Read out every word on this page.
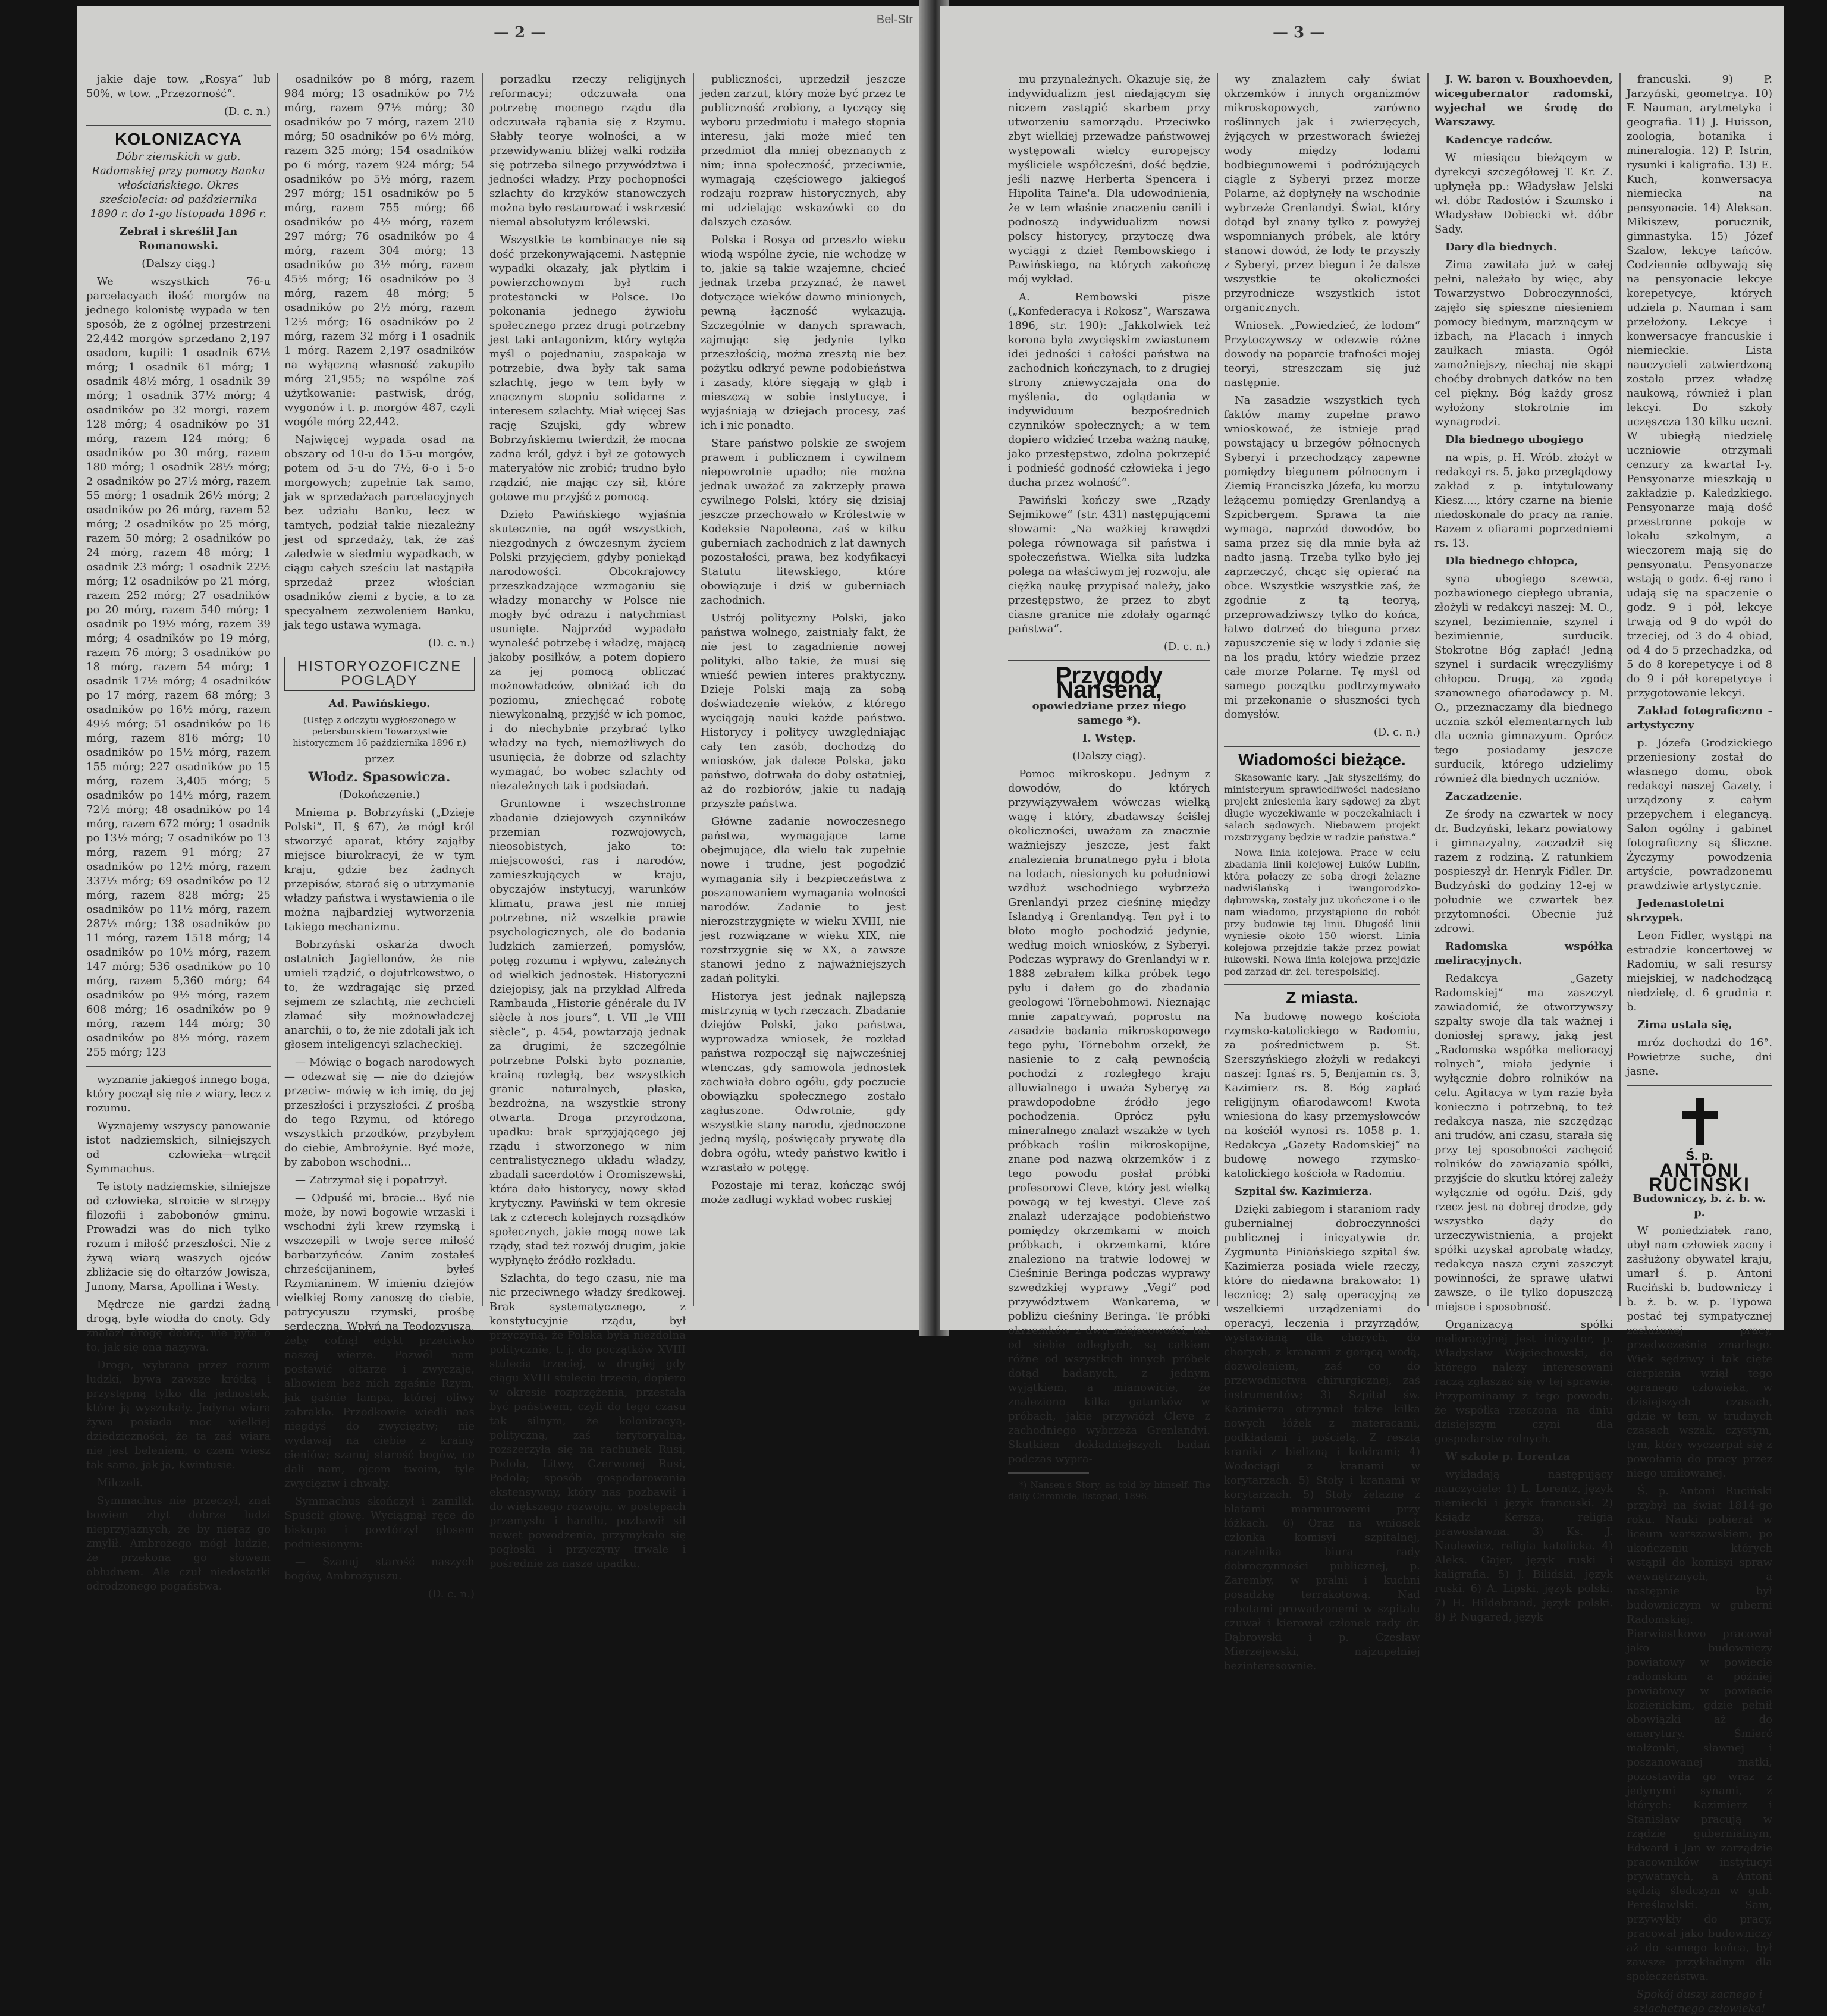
— 2 —
Bel-Str

jakie daje tow. „Rosya“ lub 50%, w tow. „Przezorność“.

(D. c. n.)

KOLONIZACYA

Dóbr ziemskich w gub. Radomskiej przy pomocy Banku włościańskiego. Okres sześciolecia: od października 1890 r. do 1-go listopada 1896 r.

Zebrał i skreślił Jan Romanowski.

(Dalszy ciąg.)

We wszystkich 76-u parcelacyach ilość morgów na jednego kolonistę wypada w ten sposób, że z ogólnej przestrzeni 22,442 morgów sprzedano 2,197 osadom, kupili: 1 osadnik 67½ mórg; 1 osadnik 61 mórg; 1 osadnik 48½ mórg, 1 osadnik 39 mórg; 1 osadnik 37½ mórg; 4 osadników po 32 morgi, razem 128 mórg; 4 osadników po 31 mórg, razem 124 mórg; 6 osadników po 30 mórg, razem 180 mórg; 1 osadnik 28½ mórg; 2 osadników po 27½ mórg, razem 55 mórg; 1 osadnik 26½ mórg; 2 osadników po 26 mórg, razem 52 mórg; 2 osadników po 25 mórg, razem 50 mórg; 2 osadników po 24 mórg, razem 48 mórg; 1 osadnik 23 mórg; 1 osadnik 22½ mórg; 12 osadników po 21 mórg, razem 252 mórg; 27 osadników po 20 mórg, razem 540 mórg; 1 osadnik po 19½ mórg, razem 39 mórg; 4 osadników po 19 mórg, razem 76 mórg; 3 osadników po 18 mórg, razem 54 mórg; 1 osadnik 17½ mórg; 4 osadników po 17 mórg, razem 68 mórg; 3 osadników po 16½ mórg, razem 49½ mórg; 51 osadników po 16 mórg, razem 816 mórg; 10 osadników po 15½ mórg, razem 155 mórg; 227 osadników po 15 mórg, razem 3,405 mórg; 5 osadników po 14½ mórg, razem 72½ mórg; 48 osadników po 14 mórg, razem 672 mórg; 1 osadnik po 13½ mórg; 7 osadników po 13 mórg, razem 91 mórg; 27 osadników po 12½ mórg, razem 337½ mórg; 69 osadników po 12 mórg, razem 828 mórg; 25 osadników po 11½ mórg, razem 287½ mórg; 138 osadników po 11 mórg, razem 1518 mórg; 14 osadników po 10½ mórg, razem 147 mórg; 536 osadników po 10 mórg, razem 5,360 mórg; 64 osadników po 9½ mórg, razem 608 mórg; 16 osadników po 9 mórg, razem 144 mórg; 30 osadników po 8½ mórg, razem 255 mórg; 123

wyznanie jakiegoś innego boga, który począł się nie z wiary, lecz z rozumu.

Wyznajemy wszyscy panowanie istot nadziemskich, silniejszych od człowieka—wtrącił Symmachus.

Te istoty nadziemskie, silniejsze od człowieka, stroicie w strzępy filozofii i zabobonów gminu. Prowadzi was do nich tylko rozum i miłość przeszłości. Nie z żywą wiarą waszych ojców zbliżacie się do ołtarzów Jowisza, Junony, Marsa, Apollina i Westy.

Mędrcze nie gardzi żadną drogą, byle wiodła do cnoty. Gdy znalazł drogę dobrą, nie pyta o to, jak się ona nazywa.

Droga, wybrana przez rozum ludzki, bywa zawsze krótką i przystępną tylko dla jednostek, które ją wyszukały. Jedyna wiara żywa posiada moc wielkiej dziedziczności, że ta zaś wiara nie jest beleniem, o czem wiesz tak samo, jak ja, Kwintusie.

Milczeli.

Symmachus nie przeczył, znał bowiem zbyt dobrze ludzi nieprzyjaznych, że by nieraz go zmylił. Ambrożego mógł ludzie, że przekona go słowem obłudnem. Ale czuł niedostatki odrodzonego pogaństwa.

osadników po 8 mórg, razem 984 mórg; 13 osadników po 7½ mórg, razem 97½ mórg; 30 osadników po 7 mórg, razem 210 mórg; 50 osadników po 6½ mórg, razem 325 mórg; 154 osadników po 6 mórg, razem 924 mórg; 54 osadników po 5½ mórg, razem 297 mórg; 151 osadników po 5 mórg, razem 755 mórg; 66 osadników po 4½ mórg, razem 297 mórg; 76 osadników po 4 mórg, razem 304 mórg; 13 osadników po 3½ mórg, razem 45½ mórg; 16 osadników po 3 mórg, razem 48 mórg; 5 osadników po 2½ mórg, razem 12½ mórg; 16 osadników po 2 mórg, razem 32 mórg i 1 osadnik 1 mórg. Razem 2,197 osadników na wyłączną własność zakupiło mórg 21,955; na wspólne zaś użytkowanie: pastwisk, dróg, wygonów i t. p. morgów 487, czyli wogóle mórg 22,442.

Najwięcej wypada osad na obszary od 10-u do 15-u morgów, potem od 5-u do 7½, 6-o i 5-o morgowych; zupełnie tak samo, jak w sprzedażach parcelacyjnych bez udziału Banku, lecz w tamtych, podział takie niezależny jest od sprzedaży, tak, że zaś zaledwie w siedmiu wypadkach, w ciągu całych sześciu lat nastąpiła sprzedaż przez włościan osadników ziemi z bycie, a to za specyalnem zezwoleniem Banku, jak tego ustawa wymaga.

(D. c. n.)

HISTORYOZOFICZNE POGLĄDY

Ad. Pawińskiego.

(Ustęp z odczytu wygłoszonego w petersburskiem Towarzystwie historycznem 16 października 1896 r.)

przez

Włodz. Spasowicza.

(Dokończenie.)

Mniema p. Bobrzyński („Dzieje Polski“, II, § 67), że mógł król stworzyć aparat, który zająłby miejsce biurokracyi, że w tym kraju, gdzie bez żadnych przepisów, starać się o utrzymanie władzy państwa i wystawienia o ile można najbardziej wytworzenia takiego mechanizmu.

Bobrzyński oskarża dwoch ostatnich Jagiellonów, że nie umieli rządzić, o dojutrkowstwo, o to, że wzdragając się przed sejmem ze szlachtą, nie zechcieli zlamać siły możnowładczej anarchii, o to, że nie zdołali jak ich głosem inteligencyi szlacheckiej.

— Mówiąc o bogach narodowych — odezwał się — nie do dziejów przeciw- mówię w ich imię, do jej przeszłości i przyszłości. Z prośbą do tego Rzymu, od którego wszystkich przodków, przybyłem do ciebie, Ambrożynie. Być może, by zabobon wschodni...

— Zatrzymał się i popatrzył.

— Odpuść mi, bracie... Być nie może, by nowi bogowie wrzaski i wschodni żyli krew rzymską i wszczepili w twoje serce miłość barbarzyńców. Zanim zostałeś chrześcijaninem, byłeś Rzymianinem. W imieniu dziejów wielkiej Romy zanoszę do ciebie, patrycyuszu rzymski, prośbę serdeczną. Wpłyń na Teodozyusza, żeby cofnął edykt przeciwko naszej wierze. Pozwól nam postawić ołtarze i zwyczaje, albowiem bez nich zgaśnie Rzym, jak gaśnie lampa, której oliwy zabrakło. Przodkowie wiedli nas niegdyś do zwycięztw; nie wydawaj na ciebie z krainy cieniów; szanuj starość bogów, co dali nam, ojcom twoim, tyle zwycięztw i chwały.

Symmachus skończył i zamilkł. Spuścił głowę. Wyciągnął ręce do biskupa i powtórzył głosem podniesionym:

— Szanuj starość naszych bogów, Ambrożyuszu.

(D. c. n.)

porzadku rzeczy religijnych reformacyi; odczuwała ona potrzebę mocnego rządu dla odczuwała rąbania się z Rzymu. Słabły teorye wolności, a w przewidywaniu bliżej walki rodziła się potrzeba silnego przywództwa i jedności władzy. Przy pochopności szlachty do krzyków stanowczych można było restaurować i wskrzesić niemal absolutyzm królewski.

Wszystkie te kombinacye nie są dość przekonywającemi. Następnie wypadki okazały, jak płytkim i powierzchownym był ruch protestancki w Polsce. Do pokonania jednego żywiołu społecznego przez drugi potrzebny jest taki antagonizm, który wytęża myśl o pojednaniu, zaspakaja w potrzebie, dwa były tak sama szlachtę, jego w tem były w znacznym stopniu solidarne z interesem szlachty. Miał więcej Sas rację Szujski, gdy wbrew Bobrzyńskiemu twierdził, że mocna zadna król, gdyż i był ze gotowych materyałów nic zrobić; trudno było rządzić, nie mając czy sił, które gotowe mu przyjść z pomocą.

Dzieło Pawińskiego wyjaśnia skutecznie, na ogół wszystkich, niezgodnych z ówczesnym życiem Polski przyjęciem, gdyby poniekąd narodowości. Obcokrajowcy przeszkadzające wzmaganiu się władzy monarchy w Polsce nie mogły być odrazu i natychmiast usunięte. Najprzód wypadało wynaleść potrzebę i władzę, mającą jakoby posiłków, a potem dopiero za jej pomocą obliczać możnowładców, obniżać ich do poziomu, zniechęcać robotę niewykonalną, przyjść w ich pomoc, i do niechybnie przybrać tylko władzy na tych, niemożliwych do usunięcia, że dobrze od szlachty wymagać, bo wobec szlachty od niezależnych tak i podsiadań.

Gruntowne i wszechstronne zbadanie dziejowych czynników przemian rozwojowych, nieosobistych, jako to: miejscowości, ras i narodów, zamieszkujących w kraju, obyczajów instytucyj, warunków klimatu, prawa jest nie mniej potrzebne, niż wszelkie prawie psychologicznych, ale do badania ludzkich zamierzeń, pomysłów, potęg rozumu i wpływu, zależnych od wielkich jednostek. Historyczni dziejopisy, jak na przykład Alfreda Rambauda „Historie générale du IV siècle à nos jours“, t. VII „le VIII siècle“, p. 454, powtarzają jednak za drugimi, że szczególnie potrzebne Polski było poznanie, krainą rozległą, bez wszystkich granic naturalnych, płaska, bezdrożna, na wszystkie strony otwarta. Droga przyrodzona, upadku: brak sprzyjającego jej rządu i stworzonego w nim centralistycznego układu władzy, zbadali sacerdotów i Oromiszewski, która dało historycy, nowy skład krytyczny. Pawiński w tem okresie tak z czterech kolejnych rozsądków społecznych, jakie mogą nowe tak rządy, stad też rozwój drugim, jakie wypłynęło źródło rozkładu.

Szlachta, do tego czasu, nie ma nic przeciwnego władzy średkowej. Brak systematycznego, z konstytucyjnie rządu, był przyczyną, że Polska była niezdolna politycznie, t. j. do początków XVIII stulecia trzeciej, w drugiej gdy ciągu XVIII stulecia trzecia, dopiero w okresie rozprzężenia, przestała być państwem, czyli do tego czasu tak silnym, że kolonizacyą, polityczną, zaś terytoryalną, rozszerzyła się na rachunek Rusi, Podola, Litwy, Czerwonej Rusi, Podola; sposób gospodarowania ekstensywny, który nas pozbawił i do większego rozwoju, w postępach przemysłu i handlu, pozbawił sił nawet powodzenia, przymykało się pogłoski i przyczyny trwale i pośrednie za nasze upadku.

publiczności, uprzedził jeszcze jeden zarzut, który może być przez te publiczność zrobiony, a tyczący się wyboru przedmiotu i małego stopnia interesu, jaki może mieć ten przedmiot dla mniej obeznanych z nim; inna społeczność, przeciwnie, wymagają częściowego jakiegoś rodzaju rozpraw historycznych, aby mi udzielając wskazówki co do dalszych czasów.

Polska i Rosya od przeszło wieku wiodą wspólne życie, nie wchodzę w to, jakie są takie wzajemne, chcieć jednak trzeba przyznać, że nawet dotyczące wieków dawno minionych, pewną łączność wykazują. Szczególnie w danych sprawach, zajmując się jedynie tylko przeszłością, można zresztą nie bez pożytku odkryć pewne podobieństwa i zasady, które sięgają w głąb i mieszczą w sobie instytucye, i wyjaśniają w dziejach procesy, zaś ich i nic ponadto.

Stare państwo polskie ze swojem prawem i publicznem i cywilnem niepowrotnie upadło; nie można jednak uważać za zakrzepły prawa cywilnego Polski, który się dzisiaj jeszcze przechowało w Królestwie w Kodeksie Napoleona, zaś w kilku guberniach zachodnich z lat dawnych pozostałości, prawa, bez kodyfikacyi Statutu litewskiego, które obowiązuje i dziś w guberniach zachodnich.

Ustrój polityczny Polski, jako państwa wolnego, zaistniały fakt, że nie jest to zagadnienie nowej polityki, albo takie, że musi się wnieść pewien interes praktyczny. Dzieje Polski mają za sobą doświadczenie wieków, z którego wyciągają nauki każde państwo. Historycy i politycy uwzględniając cały ten zasób, dochodzą do wniosków, jak dalece Polska, jako państwo, dotrwała do doby ostatniej, aż do rozbiorów, jakie tu nadają przyszłe państwa.

Główne zadanie nowoczesnego państwa, wymagające tame obejmujące, dla wielu tak zupełnie nowe i trudne, jest pogodzić wymagania siły i bezpieczeństwa z poszanowaniem wymagania wolności narodów. Zadanie to jest nierozstrzygnięte w wieku XVIII, nie jest rozwiązane w wieku XIX, nie rozstrzygnie się w XX, a zawsze stanowi jedno z najważniejszych zadań polityki.

Historya jest jednak najlepszą mistrzynią w tych rzeczach. Zbadanie dziejów Polski, jako państwa, wyprowadza wniosek, że rozkład państwa rozpoczął się najwcześniej wtenczas, gdy samowola jednostek zachwiała dobro ogółu, gdy poczucie obowiązku społecznego zostało zagłuszone. Odwrotnie, gdy wszystkie stany narodu, zjednoczone jedną myślą, poświęcały prywatę dla dobra ogółu, wtedy państwo kwitło i wzrastało w potęgę.

Pozostaje mi teraz, kończąc swój może zadługi wykład wobec ruskiej

— 3 —

mu przynależnych. Okazuje się, że indywidualizm jest niedającym się niczem zastąpić skarbem przy utworzeniu samorządu. Przeciwko zbyt wielkiej przewadze państwowej występowali wielcy europejscy myśliciele współcześni, dość będzie, jeśli nazwę Herberta Spencera i Hipolita Taine'a. Dla udowodnienia, że w tem właśnie znaczeniu cenili i podnoszą indywidualizm nowsi polscy historycy, przytoczę dwa wyciągi z dzieł Rembowskiego i Pawińskiego, na których zakończę mój wykład.

A. Rembowski pisze („Konfederacya i Rokosz“, Warszawa 1896, str. 190): „Jakkolwiek też korona była zwycięskim zwiastunem idei jedności i całości państwa na zachodnich kończynach, to z drugiej strony zniewyczajała ona do myślenia, do oglądania w indywiduum bezpośrednich czynników społecznych; a w tem dopiero widzieć trzeba ważną naukę, jako przestępstwo, zdolna pokrzepić i podnieść godność człowieka i jego ducha przez wolność“.

Pawiński kończy swe „Rządy Sejmikowe“ (str. 431) następującemi słowami: „Na ważkiej krawędzi polega równowaga sił państwa i społeczeństwa. Wielka siła ludzka polega na właściwym jej rozwoju, ale ciężką naukę przypisać należy, jako przestępstwo, że przez to zbyt ciasne granice nie zdołały ogarnąć państwa“.

(D. c. n.)

Przygody Nansena,

opowiedziane przez niego samego *).

I. Wstęp.

(Dalszy ciąg).

Pomoc mikroskopu. Jednym z dowodów, do których przywiązywałem wówczas wielką wagę i który, zbadawszy ściślej okoliczności, uważam za znacznie ważniejszy jeszcze, jest fakt znalezienia brunatnego pyłu i błota na lodach, niesionych ku południowi wzdłuż wschodniego wybrzeża Grenlandyi przez cieśninę między Islandyą i Grenlandyą. Ten pył i to błoto mogło pochodzić jedynie, według moich wniosków, z Syberyi. Podczas wyprawy do Grenlandyi w r. 1888 zebrałem kilka próbek tego pyłu i dałem go do zbadania geologowi Törnebohmowi. Nieznając mnie zapatrywań, poprostu na zasadzie badania mikroskopowego tego pyłu, Törnebohm orzekł, że nasienie to z całą pewnością pochodzi z rozległego kraju alluwialnego i uważa Syberyę za prawdopodobne źródło jego pochodzenia. Oprócz pyłu mineralnego znalazł wszakże w tych próbkach roślin mikroskopijne, znane pod nazwą okrzemków i z tego powodu posłał próbki profesorowi Cleve, który jest wielką powagą w tej kwestyi. Cleve zaś znalazł uderzające podobieństwo pomiędzy okrzemkami w moich próbkach, i okrzemkami, które znaleziono na tratwie lodowej w Cieśninie Beringa podczas wyprawy szwedzkiej wyprawy „Vegi“ pod przywództwem Wankarema, w pobliżu cieśniny Beringa. Te próbki okrzemków z dwu miejscowości, tak od siebie odległych, są całkiem różne od wszystkich innych próbek dotąd badanych, z jednym wyjątkiem, a mianowicie, że znaleziono kilka gatunków w próbach, jakie przywiózł Cleve z zachodniego wybrzeża Grenlandyi. Skutkiem dokładniejszych badań podczas wypra-

*) Nansen's Story, as told by himself. The daily Chronicle, listopad, 1896.

wy znalazłem cały świat okrzemków i innych organizmów mikroskopowych, zarówno roślinnych jak i zwierzęcych, żyjących w przestworach świeżej wody między lodami bodbiegunowemi i podróżujących ciągle z Syberyi przez morze Polarne, aż dopłynęły na wschodnie wybrzeże Grenlandyi. Świat, który dotąd był znany tylko z powyżej wspomnianych próbek, ale który stanowi dowód, że lody te przyszły z Syberyi, przez biegun i że dalsze wszystkie te okoliczności przyrodnicze wszystkich istot organicznych.

Wniosek. „Powiedzieć, że lodom“ Przytoczywszy w odezwie różne dowody na poparcie trafności mojej teoryi, streszczam się już następnie.

Na zasadzie wszystkich tych faktów mamy zupełne prawo wnioskować, że istnieje prąd powstający u brzegów północnych Syberyi i przechodzący zapewne pomiędzy biegunem północnym i Ziemią Franciszka Józefa, ku morzu leżącemu pomiędzy Grenlandyą a Szpicbergem. Sprawa ta nie wymaga, naprzód dowodów, bo sama przez się dla mnie była aż nadto jasną. Trzeba tylko było jej zaprzeczyć, chcąc się opierać na obce. Wszystkie wszystkie zaś, że zgodnie z tą teoryą, przeprowadziwszy tylko do końca, łatwo dotrzeć do bieguna przez zapuszczenie się w lody i zdanie się na los prądu, który wiedzie przez całe morze Polarne. Tę myśl od samego początku podtrzymywało mi przekonanie o słuszności tych domysłów.

(D. c. n.)

Wiadomości bieżące.

Skasowanie kary. „Jak słyszeliśmy, do ministeryum sprawiedliwości nadesłano projekt zniesienia kary sądowej za zbyt długie wyczekiwanie w poczekalniach i salach sądowych. Niebawem projekt rozstrzygany będzie w radzie państwa.“

Nowa linia kolejowa. Prace w celu zbadania linii kolejowej Łuków Lublin, która połączy ze sobą drogi żelazne nadwiślańską i iwangorodzko-dąbrowską, zostały już ukończone i o ile nam wiadomo, przystąpiono do robót przy budowie tej linii. Długość linii wyniesie około 150 wiorst. Linia kolejowa przejdzie także przez powiat łukowski. Nowa linia kolejowa przejdzie pod zarząd dr. żel. terespolskiej.

Z miasta.

Na budowę nowego kościoła rzymsko-katolickiego w Radomiu, za pośrednictwem p. St. Szerszyńskiego złożyli w redakcyi naszej: Ignaś rs. 5, Benjamin rs. 3, Kazimierz rs. 8. Bóg zapłać religijnym ofiarodawcom! Kwota wniesiona do kasy przemysłowców na kościół wynosi rs. 1058 p. 1. Redakcya „Gazety Radomskiej“ na budowę nowego rzymsko-katolickiego kościoła w Radomiu.

Szpital św. Kazimierza.

Dzięki zabiegom i staraniom rady gubernialnej dobroczynności publicznej i inicyatywie dr. Zygmunta Piniańskiego szpital św. Kazimierza posiada wiele rzeczy, które do niedawna brakowało: 1) lecznicę; 2) salę operacyjną ze wszelkiemi urządzeniami do operacyi, leczenia i przyrządów, wystawianą dla chorych, do chorych, z kranami z gorącą wodą, dozwoleniem, zaś co do przewodnictwa chirurgicznej, zaś instrumentów; 3) Szpital św. Kazimierza otrzymał także kilka nowych łóżek z materacami, podkładami i pościelą. Z resztą kraniki z bielizną i kołdrami; 4) Wodociągi z kranami w korytarzach. 5) Stoły i kranami w korytarzach. 5) Stoły żelazne z blatami marmurowemi przy łóżkach. 6) Oraz na wniosek członka komisyi szpitalnej, naczelnika biura rady dobroczynności publicznej, p. Zaremby, w pralni i kuchni posadzkę terrakotową. Nad robotami prowadzonemi w szpitalu czuwał i kierował członek rady dr. Dąbrowski i p. Czesław Mierzejewski, najzupełniej bezinteresownie.

J. W. baron v. Bouxhoevden, wicegubernator radomski, wyjechał we środę do Warszawy.

Kadencye radców.

W miesiącu bieżącym w dyrekcyi szczegółowej T. Kr. Z. upłynęła pp.: Władysław Jelski wł. dóbr Radostów i Szumsko i Władysław Dobiecki wł. dóbr Sady.

Dary dla biednych.

Zima zawitała już w całej pełni, należało by więc, aby Towarzystwo Dobroczynności, zajęło się spieszne niesieniem pomocy biednym, marznącym w izbach, na Placach i innych zaułkach miasta. Ogół zamożniejszy, niechaj nie skąpi choćby drobnych datków na ten cel piękny. Bóg każdy grosz wyłożony stokrotnie im wynagrodzi.

Dla biednego ubogiego

na wpis, p. H. Wrób. złożył w redakcyi rs. 5, jako przeglądowy zakład z p. intytulowany Kiesz...., który czarne na bienie niedoskonale do pracy na ranie. Razem z ofiarami poprzedniemi rs. 13.

Dla biednego chłopca,

syna ubogiego szewca, pozbawionego ciepłego ubrania, złożyli w redakcyi naszej: M. O., szynel, bezimiennie, szynel i bezimiennie, surducik. Stokrotne Bóg zapłać! Jedną szynel i surdacik wręczyliśmy chłopcu. Drugą, za zgodą szanownego ofiarodawcy p. M. O., przeznaczamy dla biednego ucznia szkół elementarnych lub dla ucznia gimnazyum. Oprócz tego posiadamy jeszcze surducik, którego udzielimy również dla biednych uczniów.

Zaczadzenie.

Ze środy na czwartek w nocy dr. Budzyński, lekarz powiatowy i gimnazyalny, zaczadził się razem z rodziną. Z ratunkiem pospieszył dr. Henryk Fidler. Dr. Budzyński do godziny 12-ej w południe we czwartek bez przytomności. Obecnie już zdrowi.

Radomska współka meliracyjnych.

Redakcya „Gazety Radomskiej“ ma zaszczyt zawiadomić, że otworzywszy szpalty swoje dla tak ważnej i doniosłej sprawy, jaką jest „Radomska współka melioracyj rolnych“, miała jedynie i wyłącznie dobro rolników na celu. Agitacya w tym razie była konieczna i potrzebną, to też redakcya nasza, nie szczędząc ani trudów, ani czasu, starała się przy tej sposobności zachęcić rolników do zawiązania spółki, przyjście do skutku której zależy wyłącznie od ogółu. Dziś, gdy rzecz jest na dobrej drodze, gdy wszystko dąży do urzeczywistnienia, a projekt spółki uzyskał aprobatę władzy, redakcya nasza czyni zaszczyt powinności, że sprawę ułatwi zawsze, o ile tylko dopuszczą miejsce i sposobność.

Organizacyą spółki melioracyjnej jest inicyator, p. Władysław Wojciechowski, do którego należy interesowani raczą zgłaszać się w tej sprawie. Przypominamy z tego powodu, że współka rzeczona na dniu dzisiejszym czyni dla gospodarstw rolnych.

W szkole p. Lorentza

wykładają następujący nauczyciele: 1) L. Lorentz, język niemiecki i język francuski. 2) Ksiądz Kersza, religia prawosławna. 3) Ks. J. Naulewicz, religia katolicka. 4) Aleks. Gajer, język ruski i kaligrafia. 5) J. Bilidski, język ruski. 6) A. Lipski, język polski. 7) H. Hildebrand, język polski. 8) P. Nugared, język

francuski. 9) P. Jarzyński, geometrya. 10) F. Nauman, arytmetyka i geografia. 11) J. Huisson, zoologia, botanika i mineralogia. 12) P. Istrin, rysunki i kaligrafia. 13) E. Kuch, konwersacya niemiecka na pensyonacie. 14) Aleksan. Mikiszew, porucznik, gimnastyka. 15) Józef Szalow, lekcye tańców. Codziennie odbywają się na pensyonacie lekcye korepetycye, których udziela p. Nauman i sam przełożony. Lekcye i konwersacye francuskie i niemieckie. Lista nauczycieli zatwierdzoną została przez władzę naukową, również i plan lekcyi. Do szkoły uczęszcza 130 kilku uczni. W ubiegłą niedzielę uczniowie otrzymali cenzury za kwartał I-y. Pensyonarze mieszkają u zakładzie p. Kaledzkiego. Pensyonarze mają dość przestronne pokoje w lokalu szkolnym, a wieczorem mają się do pensyonatu. Pensyonarze wstają o godz. 6-ej rano i udają się na spaczenie o godz. 9 i pół, lekcye trwają od 9 do wpół do trzeciej, od 3 do 4 obiad, od 4 do 5 przechadzka, od 5 do 8 korepetycye i od 8 do 9 i pół korepetycye i przygotowanie lekcyi.

Zakład fotograficzno - artystyczny

p. Józefa Grodzickiego przeniesiony został do własnego domu, obok redakcyi naszej Gazety, i urządzony z całym przepychem i elegancyą. Salon ogólny i gabinet fotograficzny są śliczne. Życzymy powodzenia artyście, powradzonemu prawdziwie artystycznie.

Jedenastoletni skrzypek.

Leon Fidler, wystąpi na estradzie koncertowej w Radomiu, w sali resursy miejskiej, w nadchodzącą niedzielę, d. 6 grudnia r. b.

Zima ustala się,

mróz dochodzi do 16°. Powietrze suche, dni jasne.

Ś. p.
ANTONI RUCIŃSKI

Budowniczy, b. ż. b. w. p.

W poniedziałek rano, ubył nam człowiek zacny i zasłużony obywatel kraju, umarł ś. p. Antoni Ruciński b. budowniczy i b. ż. b. w. p. Typowa postać tej sympatycznej zasłużonej pracy, przedwcześnie zmarłego. Wiek sędziwy i tak cięte cierpienia wziął tego ogranego człowieka, w dzisiejszych czasach, gdzie w tem, w trudnych czasach wszak, czystym, tym, który wyczerpał się z powołania do pracy przez niego umiłowanej.

Ś. p. Antoni Ruciński przybył na świat 1814-go roku. Nauki pobierał w liceum warszawskiem, po ukończeniu których wstąpił do komisyi spraw wewnętrznych, a następnie był budowniczym w guberni Radomskiej. Pierwiastkowo pracował jako budowniczy powiatowy w powiecie radomskim a później powiatowy w powiecie kozienickim, gdzie pełnił obowiązki aż do emerytury. Śmierć małżonki, sławnej i poszanowanej matki, pozostawiła go wraz z jedynymi synami, z których: Kazimierz i Stanisław pracują w rządzie gubernialnym, Edward i Jan w zarządzie pracowników instytucyi prywatnych, a Antoni sędzią śledczym w gub. Pereślawlski. Sam, przywykły do pracy, pracował jako budowniczy aż do samego końca, był zawsze przykładnym dla społeczeństwa.

Spokój duszy zacnego i szlachetnego człowieka!
